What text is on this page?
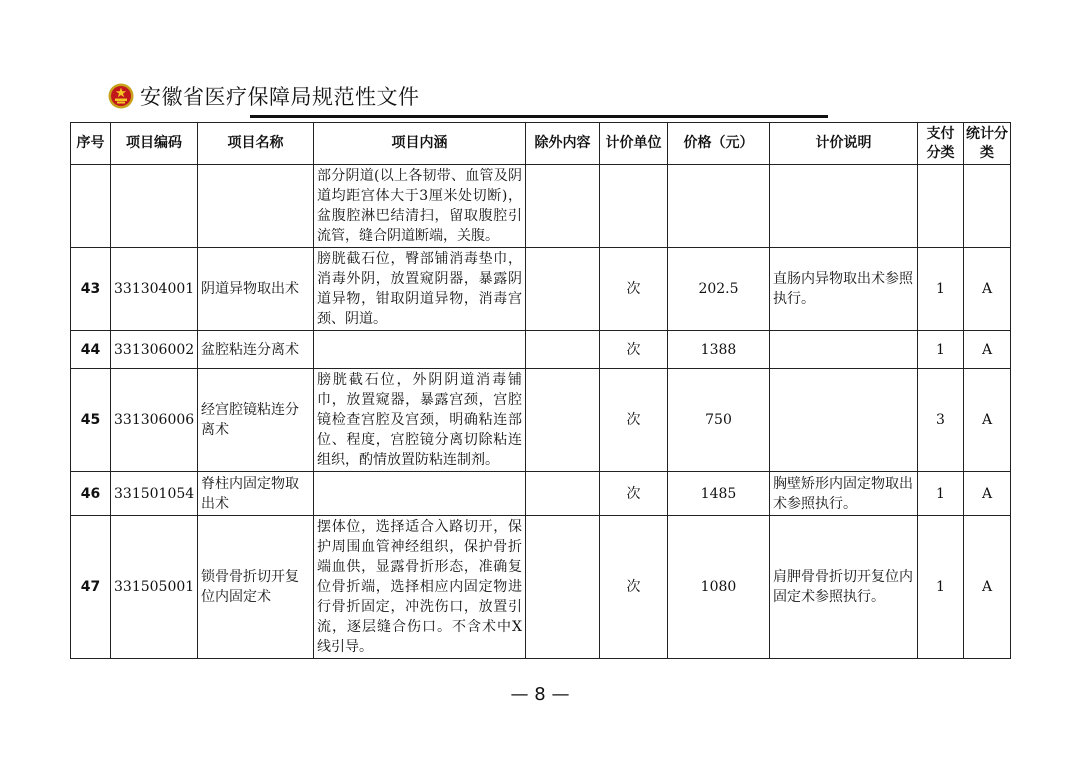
安徽省医疗保障局规范性文件
序号	项目编码	项目名称	项目内涵	除外内容	计价单位	价格（元）	计价说明	支付分类	统计分类
			部分阴道(以上各韧带、血管及阴道均距宫体大于3厘米处切断)，盆腹腔淋巴结清扫，留取腹腔引流管，缝合阴道断端，关腹。						
43	331304001	阴道异物取出术	膀胱截石位，臀部铺消毒垫巾，消毒外阴，放置窥阴器，暴露阴道异物，钳取阴道异物，消毒宫颈、阴道。		次	202.5	直肠内异物取出术参照执行。	1	A
44	331306002	盆腔粘连分离术			次	1388		1	A
45	331306006	经宫腔镜粘连分离术	膀胱截石位，外阴阴道消毒铺巾，放置窥器，暴露宫颈，宫腔镜检查宫腔及宫颈，明确粘连部位、程度，宫腔镜分离切除粘连组织，酌情放置防粘连制剂。		次	750		3	A
46	331501054	脊柱内固定物取出术			次	1485	胸壁矫形内固定物取出术参照执行。	1	A
47	331505001	锁骨骨折切开复位内固定术	摆体位，选择适合入路切开，保护周围血管神经组织，保护骨折端血供，显露骨折形态，准确复位骨折端，选择相应内固定物进行骨折固定，冲洗伤口，放置引流，逐层缝合伤口。不含术中X线引导。		次	1080	肩胛骨骨折切开复位内固定术参照执行。	1	A
— 8 —
